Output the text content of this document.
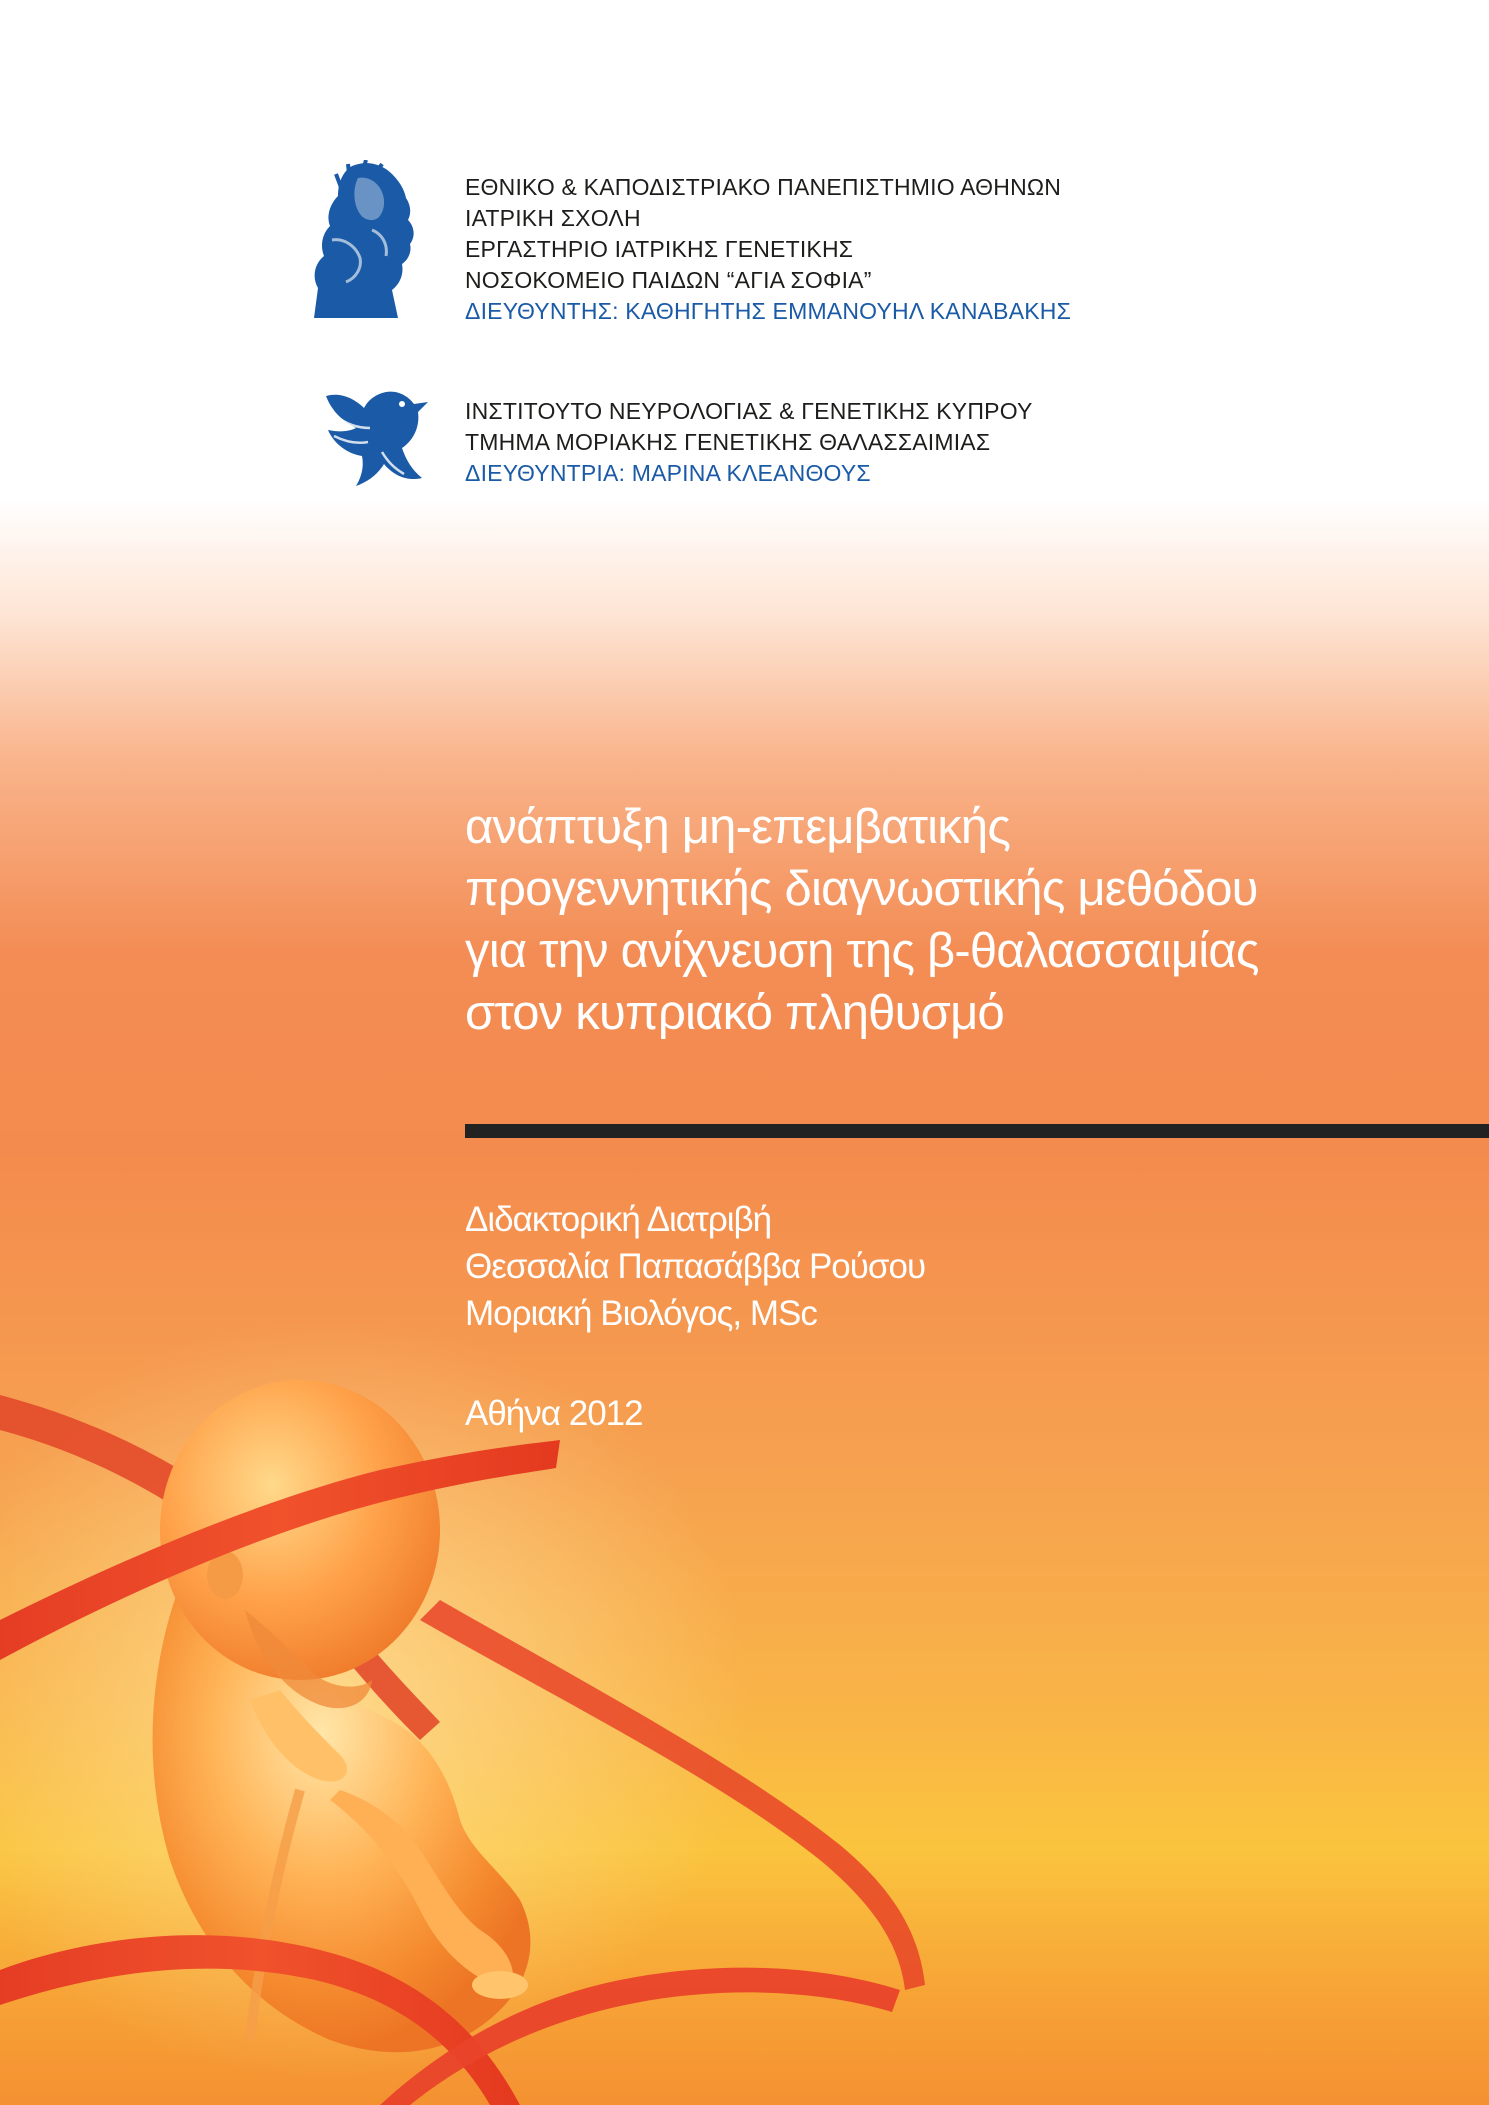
ΕΘΝΙΚΟ & ΚΑΠΟΔΙΣΤΡΙΑΚΟ ΠΑΝΕΠΙΣΤΗΜΙΟ ΑΘΗΝΩΝ
ΙΑΤΡΙΚΗ ΣΧΟΛΗ
ΕΡΓΑΣΤΗΡΙΟ ΙΑΤΡΙΚΗΣ ΓΕΝΕΤΙΚΗΣ
ΝΟΣΟΚΟΜΕΙΟ ΠΑΙΔΩΝ “ΑΓΙΑ ΣΟΦΙΑ”
ΔΙΕΥΘΥΝΤΗΣ: ΚΑΘΗΓΗΤΗΣ ΕΜΜΑΝΟΥΗΛ ΚΑΝΑΒΑΚΗΣ
ΙΝΣΤΙΤΟΥΤΟ ΝΕΥΡΟΛΟΓΙΑΣ & ΓΕΝΕΤΙΚΗΣ ΚΥΠΡΟΥ
ΤΜΗΜΑ ΜΟΡΙΑΚΗΣ ΓΕΝΕΤΙΚΗΣ ΘΑΛΑΣΣΑΙΜΙΑΣ
ΔΙΕΥΘΥΝΤΡΙΑ: ΜΑΡΙΝΑ ΚΛΕΑΝΘΟΥΣ
ανάπτυξη μη-επεμβατικής
προγεννητικής διαγνωστικής μεθόδου
για την ανίχνευση της β-θαλασσαιμίας
στον κυπριακό πληθυσμό
Διδακτορική Διατριβή
Θεσσαλία Παπασάββα Ρούσου
Μοριακή Βιολόγος, MSc
Αθήνα 2012
